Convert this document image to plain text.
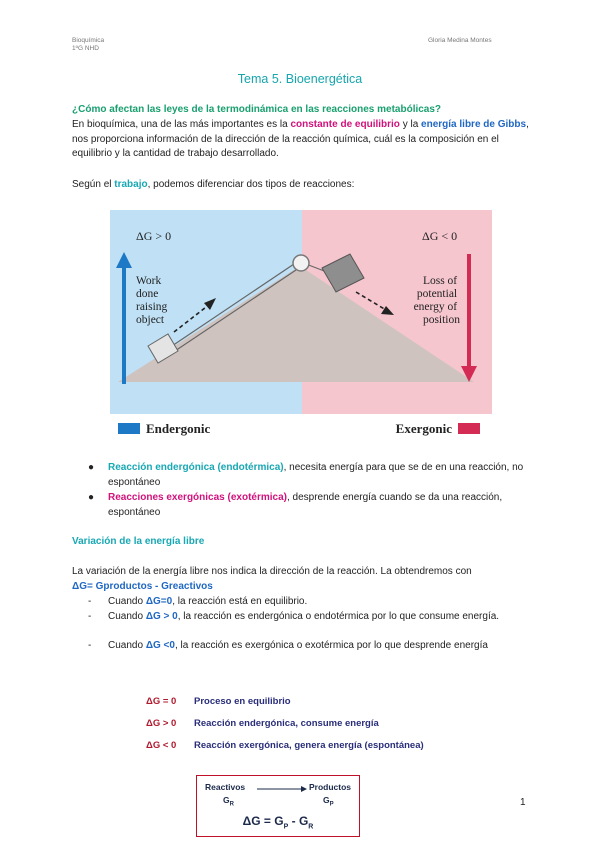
Bioquímica
1ºG NHD
Gloria Medina Montes
Tema 5. Bioenergética
¿Cómo afectan las leyes de la termodinámica en las reacciones metabólicas?
En bioquímica, una de las más importantes es la constante de equilibrio y la energía libre de Gibbs, nos proporciona información de la dirección de la reacción química, cuál es la composición en el equilibrio y la cantidad de trabajo desarrollado.
Según el trabajo, podemos diferenciar dos tipos de reacciones:
ΔG > 0	ΔG < 0
Work done raising object
Loss of potential energy of position
Endergonic	Exergonic
●	Reacción endergónica (endotérmica), necesita energía para que se de en una reacción, no espontáneo
●	Reacciones exergónicas (exotérmica), desprende energía cuando se da una reacción, espontáneo
Variación de la energía libre
La variación de la energía libre nos indica la dirección de la reacción. La obtendremos con
ΔG= Gproductos - Greactivos
-	Cuando ΔG=0, la reacción está en equilibrio.
-	Cuando ΔG > 0, la reacción es endergónica o endotérmica por lo que consume energía.
-	Cuando ΔG <0, la reacción es exergónica o exotérmica por lo que desprende energía
ΔG = 0	Proceso en equilibrio
ΔG > 0	Reacción endergónica, consume energía
ΔG < 0	Reacción exergónica, genera energía (espontánea)
Reactivos	Productos
$G_R$	$G_P$
$\Delta G = G_P - G_R$
1
